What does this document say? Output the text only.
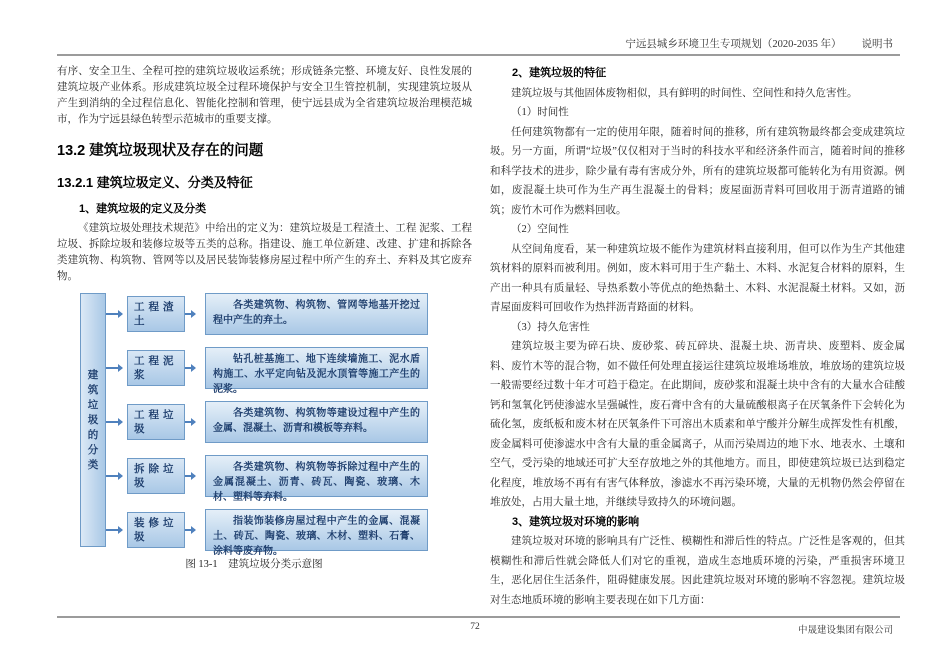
宁远县城乡环境卫生专项规划（2020-2035 年） 说明书

有序、安全卫生、全程可控的建筑垃圾收运系统；形成链条完整、环境友好、良性发展的建筑垃圾产业体系。形成建筑垃圾全过程环境保护与安全卫生管控机制，实现建筑垃圾从产生到消纳的全过程信息化、智能化控制和管理，使宁远县成为全省建筑垃圾治理模范城市，作为宁远县绿色转型示范城市的重要支撑。

13.2 建筑垃圾现状及存在的问题
13.2.1 建筑垃圾定义、分类及特征
1、建筑垃圾的定义及分类

《建筑垃圾处理技术规范》中给出的定义为：建筑垃圾是工程渣土、工程 泥浆、工程垃圾、拆除垃圾和装修垃圾等五类的总称。指建设、施工单位新建、改建、扩建和拆除各类建筑物、构筑物、管网等以及居民装饰装修房屋过程中所产生的弃土、弃料及其它废弃物。

建筑垃圾的分类
工程渣土
各类建筑物、构筑物、管网等地基开挖过程中产生的弃土。
工程泥浆
钻孔桩基施工、地下连续墙施工、泥水盾构施工、水平定向钻及泥水顶管等施工产生的泥浆。
工程垃圾
各类建筑物、构筑物等建设过程中产生的金属、混凝土、沥青和模板等弃料。
拆除垃圾
各类建筑物、构筑物等拆除过程中产生的金属混凝土、沥青、砖瓦、陶瓷、玻璃、木材、塑料等弃料。
装修垃圾
指装饰装修房屋过程中产生的金属、混凝土、砖瓦、陶瓷、玻璃、木材、塑料、石膏、涂料等废弃物。
图 13-1　建筑垃圾分类示意图
2、建筑垃圾的特征

建筑垃圾与其他固体废物相似，具有鲜明的时间性、空间性和持久危害性。

（1）时间性

任何建筑物都有一定的使用年限，随着时间的推移，所有建筑物最终都会变成建筑垃圾。另一方面，所谓“垃圾”仅仅相对于当时的科技水平和经济条件而言，随着时间的推移和科学技术的进步，除少量有毒有害成分外，所有的建筑垃圾都可能转化为有用资源。例如，废混凝土块可作为生产再生混凝土的骨料；废屋面沥青料可回收用于沥青道路的铺筑；废竹木可作为燃料回收。

（2）空间性

从空间角度看，某一种建筑垃圾不能作为建筑材料直接利用，但可以作为生产其他建筑材料的原料而被利用。例如，废木料可用于生产黏土、木料、水泥复合材料的原料，生产出一种具有质量轻、导热系数小等优点的绝热黏土、木料、水泥混凝土材料。又如，沥青屋面废料可回收作为热拌沥青路面的材料。

（3）持久危害性

建筑垃圾主要为碎石块、废砂浆、砖瓦碎块、混凝土块、沥青块、废塑料、废金属料、废竹木等的混合物，如不做任何处理直接运往建筑垃圾堆场堆放，堆放场的建筑垃圾一般需要经过数十年才可趋于稳定。在此期间，废砂浆和混凝土块中含有的大量水合硅酸钙和氢氧化钙使渗滤水呈强碱性，废石膏中含有的大量硫酸根离子在厌氧条件下会转化为硫化氢，废纸板和废木材在厌氧条件下可溶出木质素和单宁酸并分解生成挥发性有机酸，废金属料可使渗滤水中含有大量的重金属离子，从而污染周边的地下水、地表水、土壤和空气，受污染的地域还可扩大至存放地之外的其他地方。而且，即使建筑垃圾已达到稳定化程度，堆放场不再有有害气体释放，渗滤水不再污染环境，大量的无机物仍然会停留在堆放处，占用大量土地，并继续导致持久的环境问题。

3、建筑垃圾对环境的影响

建筑垃圾对环境的影响具有广泛性、模糊性和滞后性的特点。广泛性是客观的，但其模糊性和滞后性就会降低人们对它的重视，造成生态地质环境的污染，严重损害环境卫生，恶化居住生活条件，阻碍健康发展。因此建筑垃圾对环境的影响不容忽视。建筑垃圾对生态地质环境的影响主要表现在如下几方面：

72	中晟建设集团有限公司
